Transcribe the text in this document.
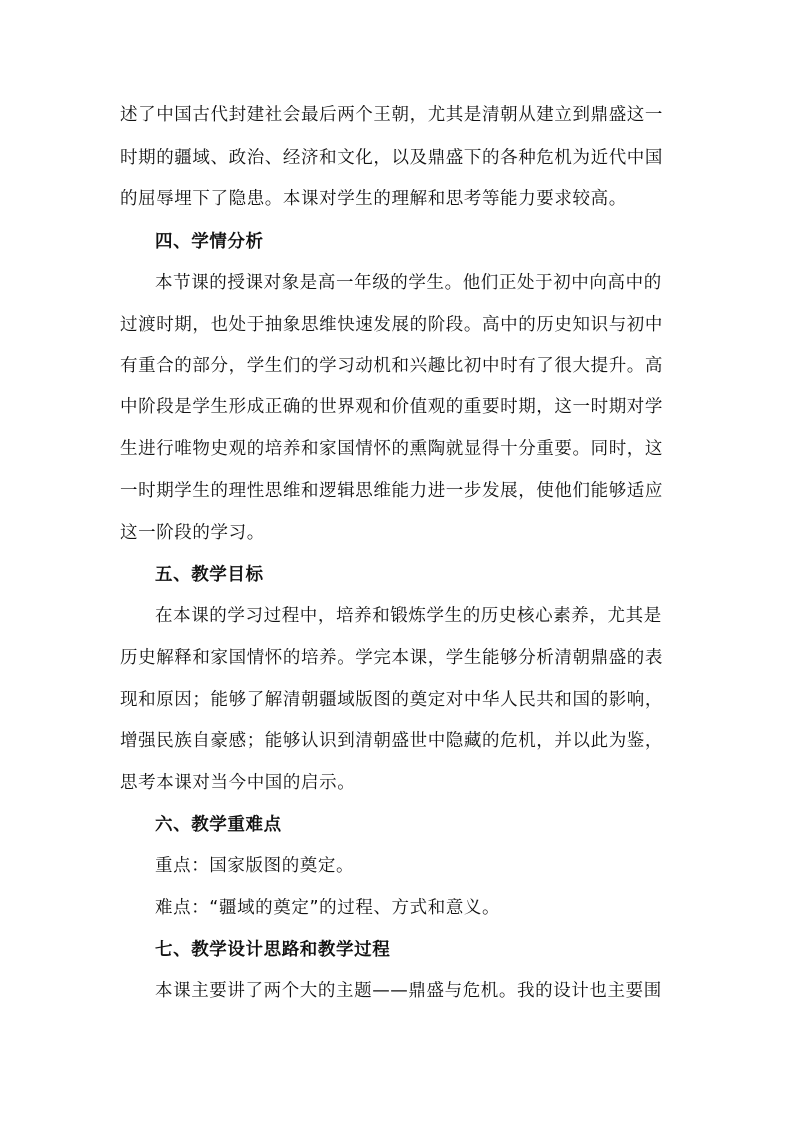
述了中国古代封建社会最后两个王朝，尤其是清朝从建立到鼎盛这一
时期的疆域、政治、经济和文化，以及鼎盛下的各种危机为近代中国
的屈辱埋下了隐患。本课对学生的理解和思考等能力要求较高。
四、学情分析
本节课的授课对象是高一年级的学生。他们正处于初中向高中的
过渡时期，也处于抽象思维快速发展的阶段。高中的历史知识与初中
有重合的部分，学生们的学习动机和兴趣比初中时有了很大提升。高
中阶段是学生形成正确的世界观和价值观的重要时期，这一时期对学
生进行唯物史观的培养和家国情怀的熏陶就显得十分重要。同时，这
一时期学生的理性思维和逻辑思维能力进一步发展，使他们能够适应
这一阶段的学习。
五、教学目标
在本课的学习过程中，培养和锻炼学生的历史核心素养，尤其是
历史解释和家国情怀的培养。学完本课，学生能够分析清朝鼎盛的表
现和原因；能够了解清朝疆域版图的奠定对中华人民共和国的影响，
增强民族自豪感；能够认识到清朝盛世中隐藏的危机，并以此为鉴，
思考本课对当今中国的启示。
六、教学重难点
重点：国家版图的奠定。
难点：“疆域的奠定”的过程、方式和意义。
七、教学设计思路和教学过程
本课主要讲了两个大的主题——鼎盛与危机。我的设计也主要围
